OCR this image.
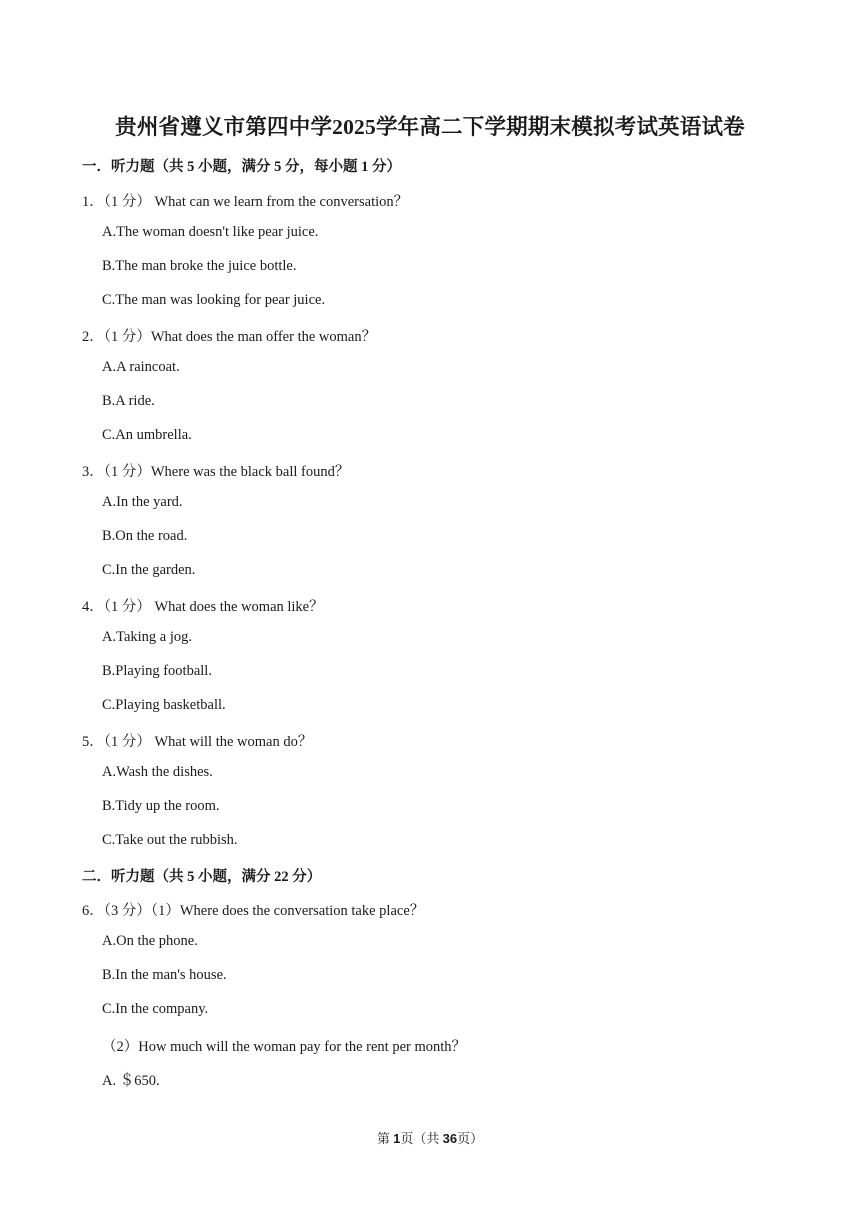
贵州省遵义市第四中学2025学年高二下学期期末模拟考试英语试卷
一．听力题（共 5 小题，满分 5 分，每小题 1 分）
1．（1 分） What can we learn from the conversation？
A.The woman doesn't like pear juice.
B.The man broke the juice bottle.
C.The man was looking for pear juice.
2．（1 分）What does the man offer the woman？
A.A raincoat.
B.A ride.
C.An umbrella.
3．（1 分）Where was the black ball found？
A.In the yard.
B.On the road.
C.In the garden.
4．（1 分） What does the woman like？
A.Taking a jog.
B.Playing football.
C.Playing basketball.
5．（1 分） What will the woman do？
A.Wash the dishes.
B.Tidy up the room.
C.Take out the rubbish.
二．听力题（共 5 小题，满分 22 分）
6．（3 分）（1）Where does the conversation take place？
A.On the phone.
B.In the man's house.
C.In the company.
（2）How much will the woman pay for the rent per month？
A. ＄650.
第 1页（共 36页）
